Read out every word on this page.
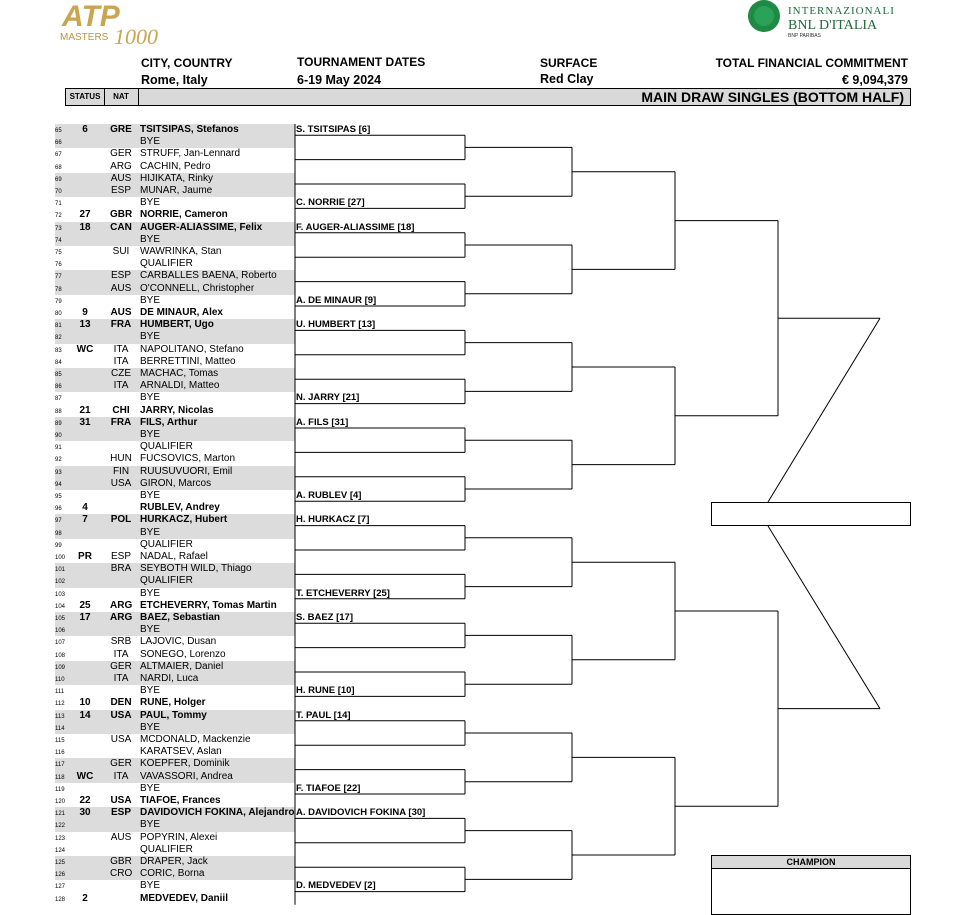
ATP
MASTERS 1000
INTERNAZIONALI
BNL D'ITALIA
BNP PARIBAS
CITY, COUNTRY
Rome, Italy
TOURNAMENT DATES
6-19 May 2024
SURFACE
Red Clay
TOTAL FINANCIAL COMMITMENT
€ 9,094,379
STATUS	NAT	MAIN DRAW SINGLES (BOTTOM HALF)
65	6	GRE TSITSIPAS, Stefanos
66	BYE
67	GER STRUFF, Jan-Lennard
68	ARG CACHIN, Pedro
69	AUS HIJIKATA, Rinky
70	ESP MUNAR, Jaume
71	BYE
72	27	GBR NORRIE, Cameron
73	18	CAN AUGER-ALIASSIME, Felix
74	BYE
75	SUI WAWRINKA, Stan
76	QUALIFIER
77	ESP CARBALLES BAENA, Roberto
78	AUS O'CONNELL, Christopher
79	BYE
80	9	AUS DE MINAUR, Alex
81	13	FRA HUMBERT, Ugo
82	BYE
83	WC	ITA	NAPOLITANO, Stefano
84	ITA	BERRETTINI, Matteo
85	CZE MACHAC, Tomas
86	ITA	ARNALDI, Matteo
87	BYE
88	21	CHI JARRY, Nicolas
89	31	FRA FILS, Arthur
90	BYE
91	QUALIFIER
92	HUN FUCSOVICS, Marton
93	FIN RUUSUVUORI, Emil
94	USA GIRON, Marcos
95	BYE
96	4	RUBLEV, Andrey
97	7	POL HURKACZ, Hubert
98	BYE
99	QUALIFIER
100	PR	ESP NADAL, Rafael
101	BRA SEYBOTH WILD, Thiago
102	QUALIFIER
103	BYE
104	25	ARG ETCHEVERRY, Tomas Martin
105	17	ARG BAEZ, Sebastian
106	BYE
107	SRB LAJOVIC, Dusan
108	ITA	SONEGO, Lorenzo
109	GER ALTMAIER, Daniel
110	ITA	NARDI, Luca
111	BYE
112	10	DEN RUNE, Holger
113	14	USA PAUL, Tommy
114	BYE
115	USA MCDONALD, Mackenzie
116	KARATSEV, Aslan
117	GER KOEPFER, Dominik
118	WC	ITA	VAVASSORI, Andrea
119	BYE
120	22	USA TIAFOE, Frances
121	30	ESP DAVIDOVICH FOKINA, Alejandro
122	BYE
123	AUS POPYRIN, Alexei
124	QUALIFIER
125	GBR DRAPER, Jack
126	CRO CORIC, Borna
127	BYE
128	2	MEDVEDEV, Daniil
S. TSITSIPAS [6]
C. NORRIE [27]
F. AUGER-ALIASSIME [18]
A. DE MINAUR [9]
U. HUMBERT [13]
N. JARRY [21]
A. FILS [31]
A. RUBLEV [4]
H. HURKACZ [7]
T. ETCHEVERRY [25]
S. BAEZ [17]
H. RUNE [10]
T. PAUL [14]
F. TIAFOE [22]
A. DAVIDOVICH FOKINA [30]
D. MEDVEDEV [2]
CHAMPION
